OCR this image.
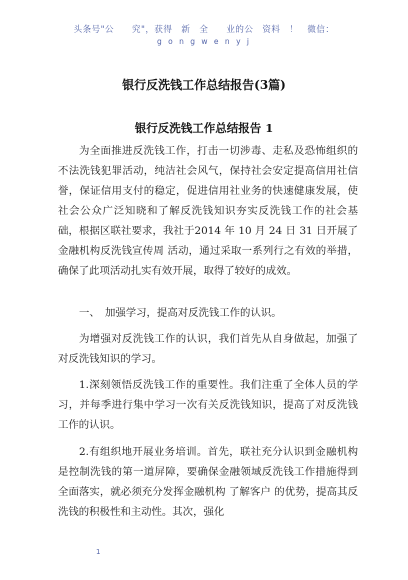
头条号"公　　究"，获得　新　全　　业的公　资料　！　微信：
g o n g w e n y j
银行反洗钱工作总结报告(3篇)
银行反洗钱工作总结报告 1
为全面推进反洗钱工作，打击一切涉毒、走私及恐怖组织的不法洗钱犯罪活动，纯洁社会风气，保持社会安定提高信用社信誉，保证信用支付的稳定，促进信用社业务的快速健康发展，使社会公众广泛知晓和了解反洗钱知识夯实反洗钱工作的社会基础，根据区联社要求，我社于2014 年 10 月 24 日 31 日开展了 金融机构反洗钱宣传周 活动，通过采取一系列行之有效的举措，确保了此项活动扎实有效开展，取得了较好的成效。
一、　加强学习，提高对反洗钱工作的认识。
为增强对反洗钱工作的认识，我们首先从自身做起，加强了对反洗钱知识的学习。
1.深刻领悟反洗钱工作的重要性。我们注重了全体人员的学习，并每季进行集中学习一次有关反洗钱知识，提高了对反洗钱工作的认识。
2.有组织地开展业务培训。首先，联社充分认识到金融机构是控制洗钱的第一道屏障，要确保金融领域反洗钱工作措施得到全面落实，就必须充分发挥金融机构 了解客户 的优势，提高其反洗钱的积极性和主动性。其次，强化
1
